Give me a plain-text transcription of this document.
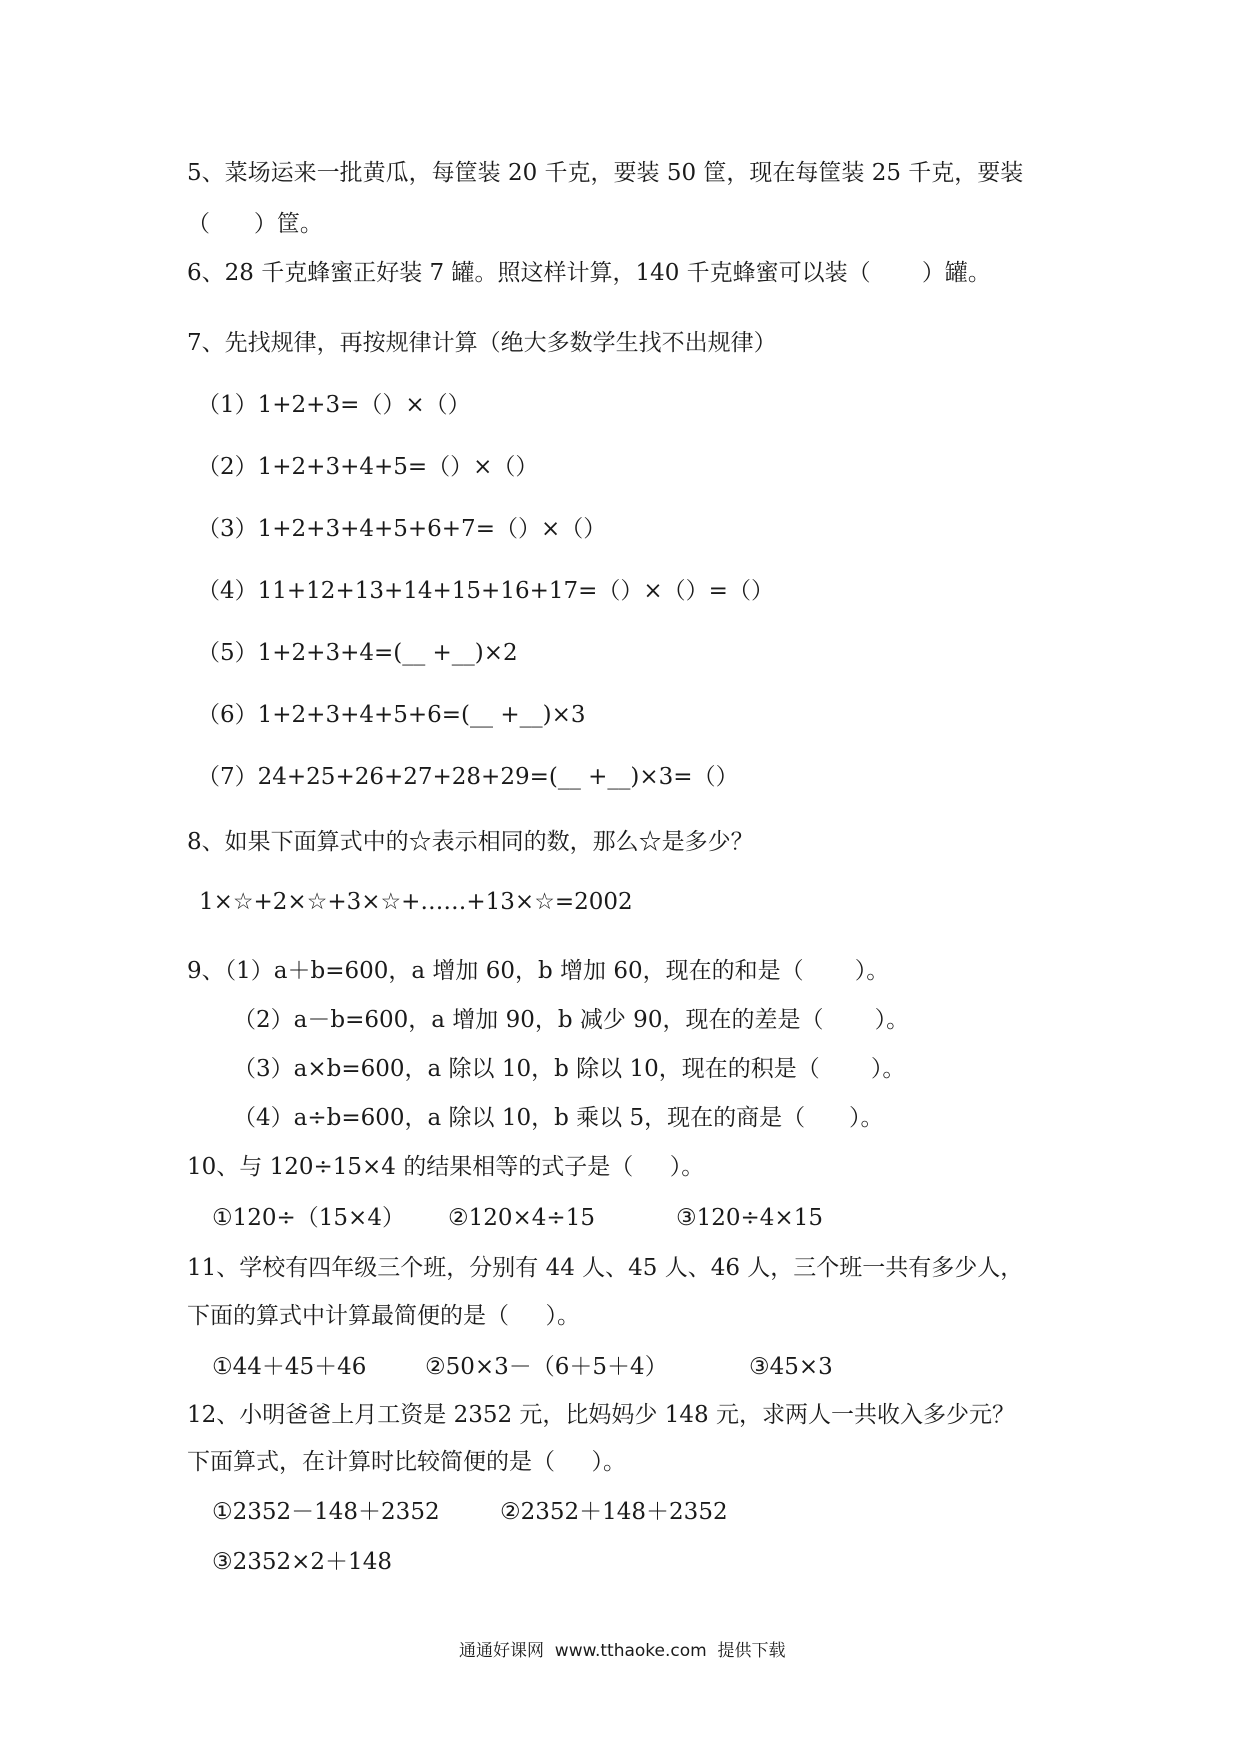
5、菜场运来一批黄瓜，每筐装 20 千克，要装 50 筐，现在每筐装 25 千克，要装
（      ）筐。
6、28 千克蜂蜜正好装 7 罐。照这样计算，140 千克蜂蜜可以装（       ）罐。
7、先找规律，再按规律计算（绝大多数学生找不出规律）
（1）1+2+3=（）×（）
（2）1+2+3+4+5=（）×（）
（3）1+2+3+4+5+6+7=（）×（）
（4）11+12+13+14+15+16+17=（）×（）=（）
（5）1+2+3+4=(__ +__)×2
（6）1+2+3+4+5+6=(__ +__)×3
（7）24+25+26+27+28+29=(__ +__)×3=（）
8、如果下面算式中的☆表示相同的数，那么☆是多少？
1×☆+2×☆+3×☆+……+13×☆=2002
9、（1）a＋b=600，a 增加 60，b 增加 60，现在的和是（       ）。
（2）a－b=600，a 增加 90，b 减少 90，现在的差是（       ）。
（3）a×b=600，a 除以 10，b 除以 10，现在的积是（       ）。
（4）a÷b=600，a 除以 10，b 乘以 5，现在的商是（      ）。
10、与 120÷15×4 的结果相等的式子是（     ）。
①120÷（15×4） ②120×4÷15	③120÷4×15
11、学校有四年级三个班，分别有 44 人、45 人、46 人，三个班一共有多少人，
下面的算式中计算最简便的是（     ）。
①44＋45＋46	②50×3－（6＋5＋4）	③45×3
12、小明爸爸上月工资是 2352 元，比妈妈少 148 元，求两人一共收入多少元？
下面算式，在计算时比较简便的是（     ）。
①2352－148＋2352	②2352＋148＋2352
③2352×2＋148
通通好课网  www.tthaoke.com  提供下载
